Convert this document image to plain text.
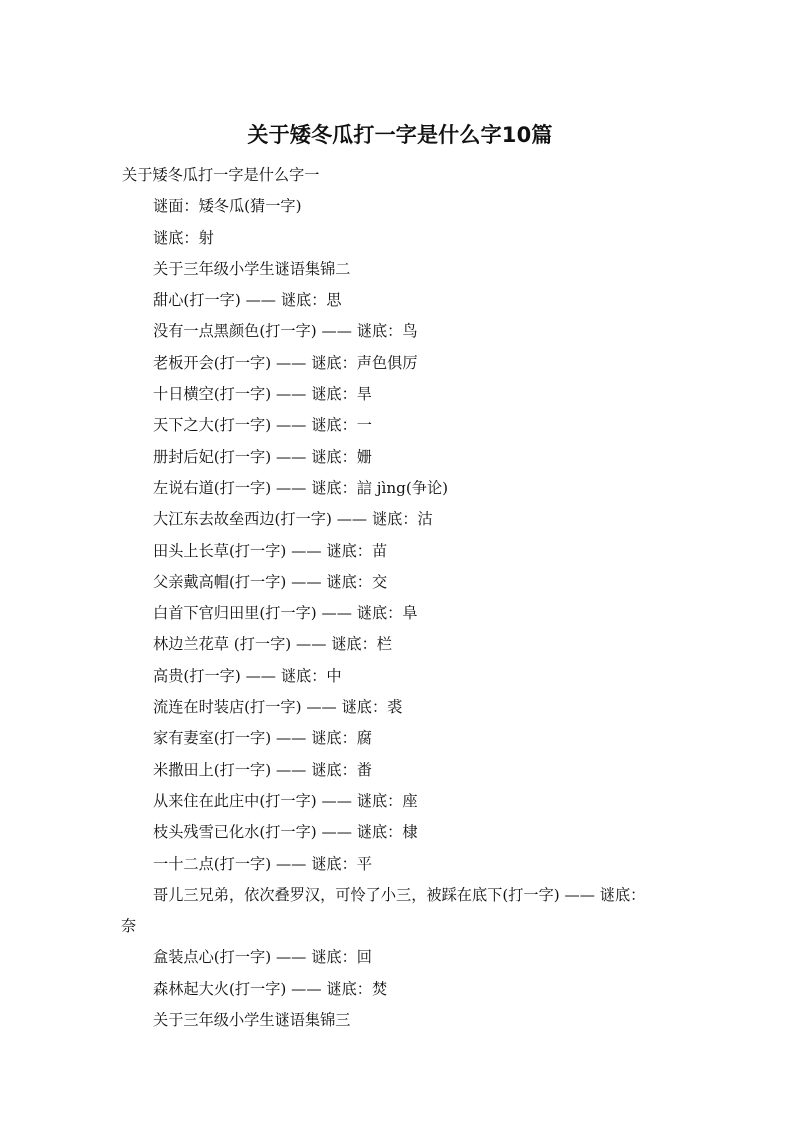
关于矮冬瓜打一字是什么字10篇
关于矮冬瓜打一字是什么字一
谜面：矮冬瓜(猜一字)
谜底：射
关于三年级小学生谜语集锦二
甜心(打一字) —— 谜底：思
没有一点黑颜色(打一字) —— 谜底：鸟
老板开会(打一字) —— 谜底：声色俱厉
十日横空(打一字) —— 谜底：旱
天下之大(打一字) —— 谜底：一
册封后妃(打一字) —— 谜底：姗
左说右道(打一字) —— 谜底：誩 jìng(争论)
大江东去故垒西边(打一字) —— 谜底：沽
田头上长草(打一字) —— 谜底：苗
父亲戴高帽(打一字) —— 谜底：交
白首下官归田里(打一字) —— 谜底：阜
林边兰花草 (打一字) —— 谜底：栏
高贵(打一字) —— 谜底：中
流连在时装店(打一字) —— 谜底：裘
家有妻室(打一字) —— 谜底：腐
米撒田上(打一字) —— 谜底：畨
从来住在此庄中(打一字) —— 谜底：座
枝头残雪已化水(打一字) —— 谜底：棣
一十二点(打一字) —— 谜底：平
哥儿三兄弟，依次叠罗汉，可怜了小三，被踩在底下(打一字) —— 谜底：
奈
盒装点心(打一字) —— 谜底：回
森林起大火(打一字) —— 谜底：焚
关于三年级小学生谜语集锦三
